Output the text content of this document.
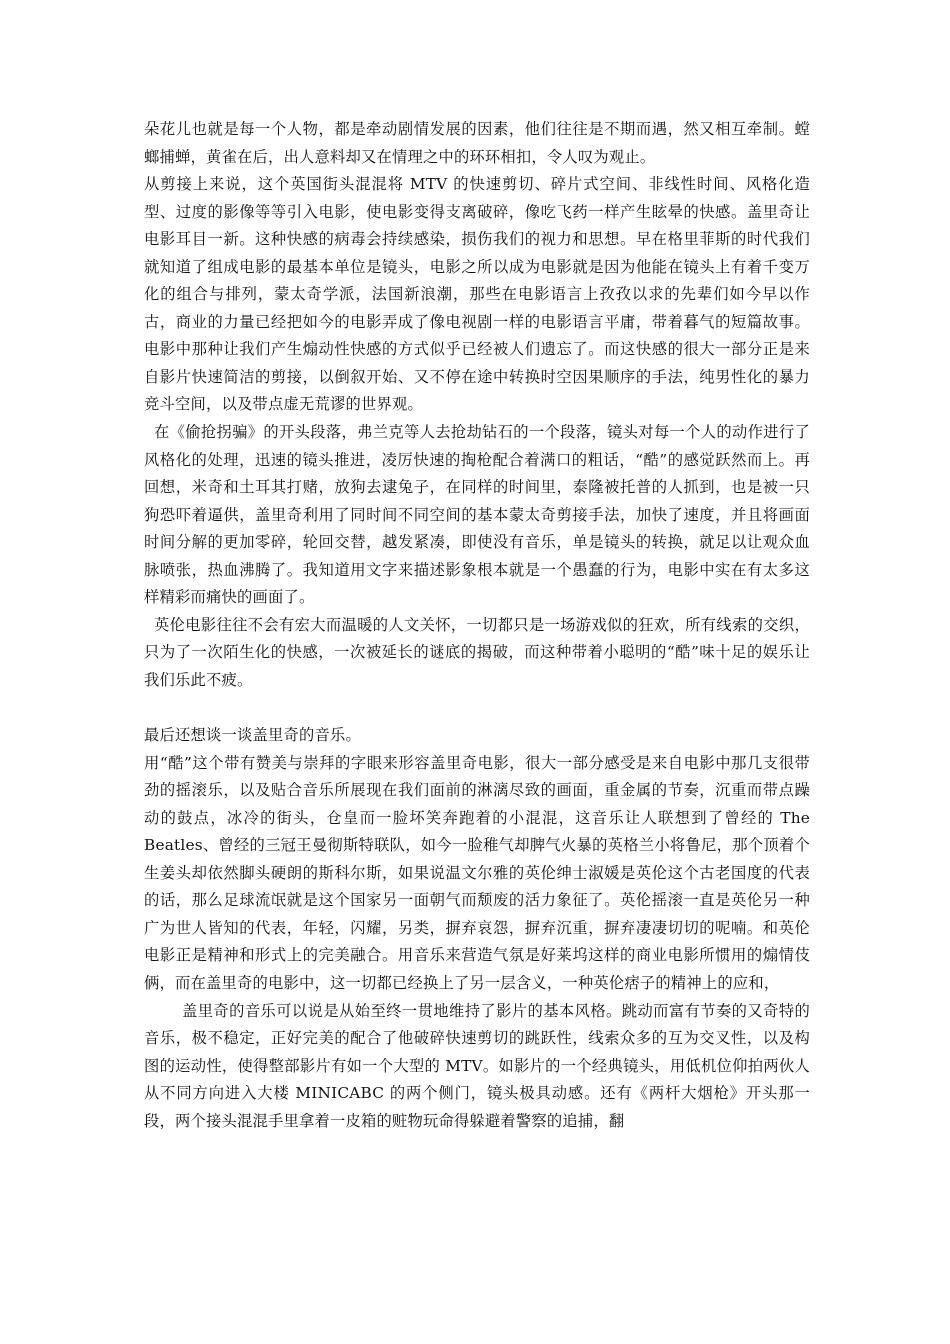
朵花儿也就是每一个人物，都是牵动剧情发展的因素，他们往往是不期而遇，然又相互牵制。螳螂捕蝉，黄雀在后，出人意料却又在情理之中的环环相扣，令人叹为观止。

从剪接上来说，这个英国街头混混将 MTV 的快速剪切、碎片式空间、非线性时间、风格化造型、过度的影像等等引入电影，使电影变得支离破碎，像吃飞药一样产生眩晕的快感。盖里奇让电影耳目一新。这种快感的病毒会持续感染，损伤我们的视力和思想。早在格里菲斯的时代我们就知道了组成电影的最基本单位是镜头，电影之所以成为电影就是因为他能在镜头上有着千变万化的组合与排列，蒙太奇学派，法国新浪潮，那些在电影语言上孜孜以求的先辈们如今早以作古，商业的力量已经把如今的电影弄成了像电视剧一样的电影语言平庸，带着暮气的短篇故事。电影中那种让我们产生煽动性快感的方式似乎已经被人们遗忘了。而这快感的很大一部分正是来自影片快速简洁的剪接，以倒叙开始、又不停在途中转换时空因果顺序的手法，纯男性化的暴力竞斗空间，以及带点虚无荒谬的世界观。

在《偷抢拐骗》的开头段落，弗兰克等人去抢劫钻石的一个段落，镜头对每一个人的动作进行了风格化的处理，迅速的镜头推进，凌厉快速的掏枪配合着满口的粗话，“酷”的感觉跃然而上。再回想，米奇和土耳其打赌，放狗去逮兔子，在同样的时间里，泰隆被托普的人抓到，也是被一只狗恐吓着逼供，盖里奇利用了同时间不同空间的基本蒙太奇剪接手法，加快了速度，并且将画面时间分解的更加零碎，轮回交替，越发紧凑，即使没有音乐，单是镜头的转换，就足以让观众血脉喷张，热血沸腾了。我知道用文字来描述影象根本就是一个愚蠢的行为，电影中实在有太多这样精彩而痛快的画面了。

英伦电影往往不会有宏大而温暖的人文关怀，一切都只是一场游戏似的狂欢，所有线索的交织，只为了一次陌生化的快感，一次被延长的谜底的揭破，而这种带着小聪明的“酷”味十足的娱乐让我们乐此不疲。

最后还想谈一谈盖里奇的音乐。

用“酷”这个带有赞美与崇拜的字眼来形容盖里奇电影，很大一部分感受是来自电影中那几支很带劲的摇滚乐，以及贴合音乐所展现在我们面前的淋漓尽致的画面，重金属的节奏，沉重而带点躁动的鼓点，冰冷的街头，仓皇而一脸坏笑奔跑着的小混混，这音乐让人联想到了曾经的 The Beatles、曾经的三冠王曼彻斯特联队，如今一脸稚气却脾气火暴的英格兰小将鲁尼，那个顶着个生姜头却依然脚头硬朗的斯科尔斯，如果说温文尔雅的英伦绅士淑媛是英伦这个古老国度的代表的话，那么足球流氓就是这个国家另一面朝气而颓废的活力象征了。英伦摇滚一直是英伦另一种广为世人皆知的代表，年轻，闪耀，另类，摒弃哀怨，摒弃沉重，摒弃凄凄切切的呢喃。和英伦电影正是精神和形式上的完美融合。用音乐来营造气氛是好莱坞这样的商业电影所惯用的煽情伎俩，而在盖里奇的电影中，这一切都已经换上了另一层含义，一种英伦痞子的精神上的应和，

盖里奇的音乐可以说是从始至终一贯地维持了影片的基本风格。跳动而富有节奏的又奇特的音乐，极不稳定，正好完美的配合了他破碎快速剪切的跳跃性，线索众多的互为交叉性，以及构图的运动性，使得整部影片有如一个大型的 MTV。如影片的一个经典镜头，用低机位仰拍两伙人从不同方向进入大楼 MINICABC 的两个侧门，镜头极具动感。还有《两杆大烟枪》开头那一段，两个接头混混手里拿着一皮箱的赃物玩命得躲避着警察的追捕，翻
